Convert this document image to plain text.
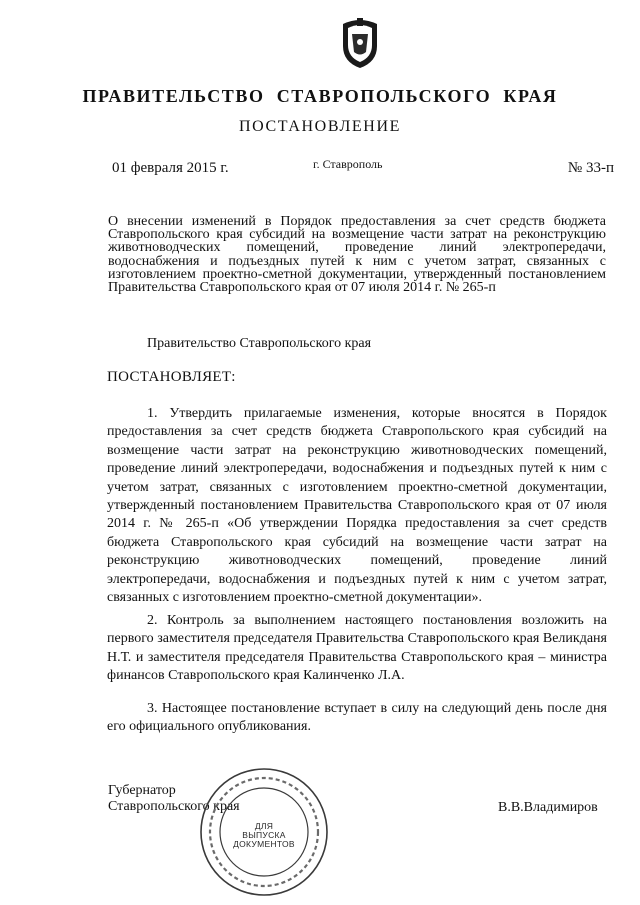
ПРАВИТЕЛЬСТВО СТАВРОПОЛЬСКОГО КРАЯ
ПОСТАНОВЛЕНИЕ
01 февраля 2015 г.	г. Ставрополь	№ 33-п
О внесении изменений в Порядок предоставления за счет средств бюджета Ставропольского края субсидий на возмещение части затрат на реконструкцию животноводческих помещений, проведение линий электропередачи, водоснабжения и подъездных путей к ним с учетом затрат, связанных с изготовлением проектно-сметной документации, утвержденный постановлением Правительства Ставропольского края от 07 июля 2014 г. № 265-п
Правительство Ставропольского края
ПОСТАНОВЛЯЕТ:
1. Утвердить прилагаемые изменения, которые вносятся в Порядок предоставления за счет средств бюджета Ставропольского края субсидий на возмещение части затрат на реконструкцию животноводческих помещений, проведение линий электропередачи, водоснабжения и подъездных путей к ним с учетом затрат, связанных с изготовлением проектно-сметной документации, утвержденный постановлением Правительства Ставропольского края от 07 июля 2014 г. № 265-п «Об утверждении Порядка предоставления за счет средств бюджета Ставропольского края субсидий на возмещение части затрат на реконструкцию животноводческих помещений, проведение линий электропередачи, водоснабжения и подъездных путей к ним с учетом затрат, связанных с изготовлением проектно-сметной документации».
2. Контроль за выполнением настоящего постановления возложить на первого заместителя председателя Правительства Ставропольского края Великданя Н.Т. и заместителя председателя Правительства Ставропольского края – министра финансов Ставропольского края Калинченко Л.А.
3. Настоящее постановление вступает в силу на следующий день после дня его официального опубликования.
Губернатор
Ставропольского края	В.В.Владимиров
ДЛЯ
ВЫПУСКА
ДОКУМЕНТОВ
